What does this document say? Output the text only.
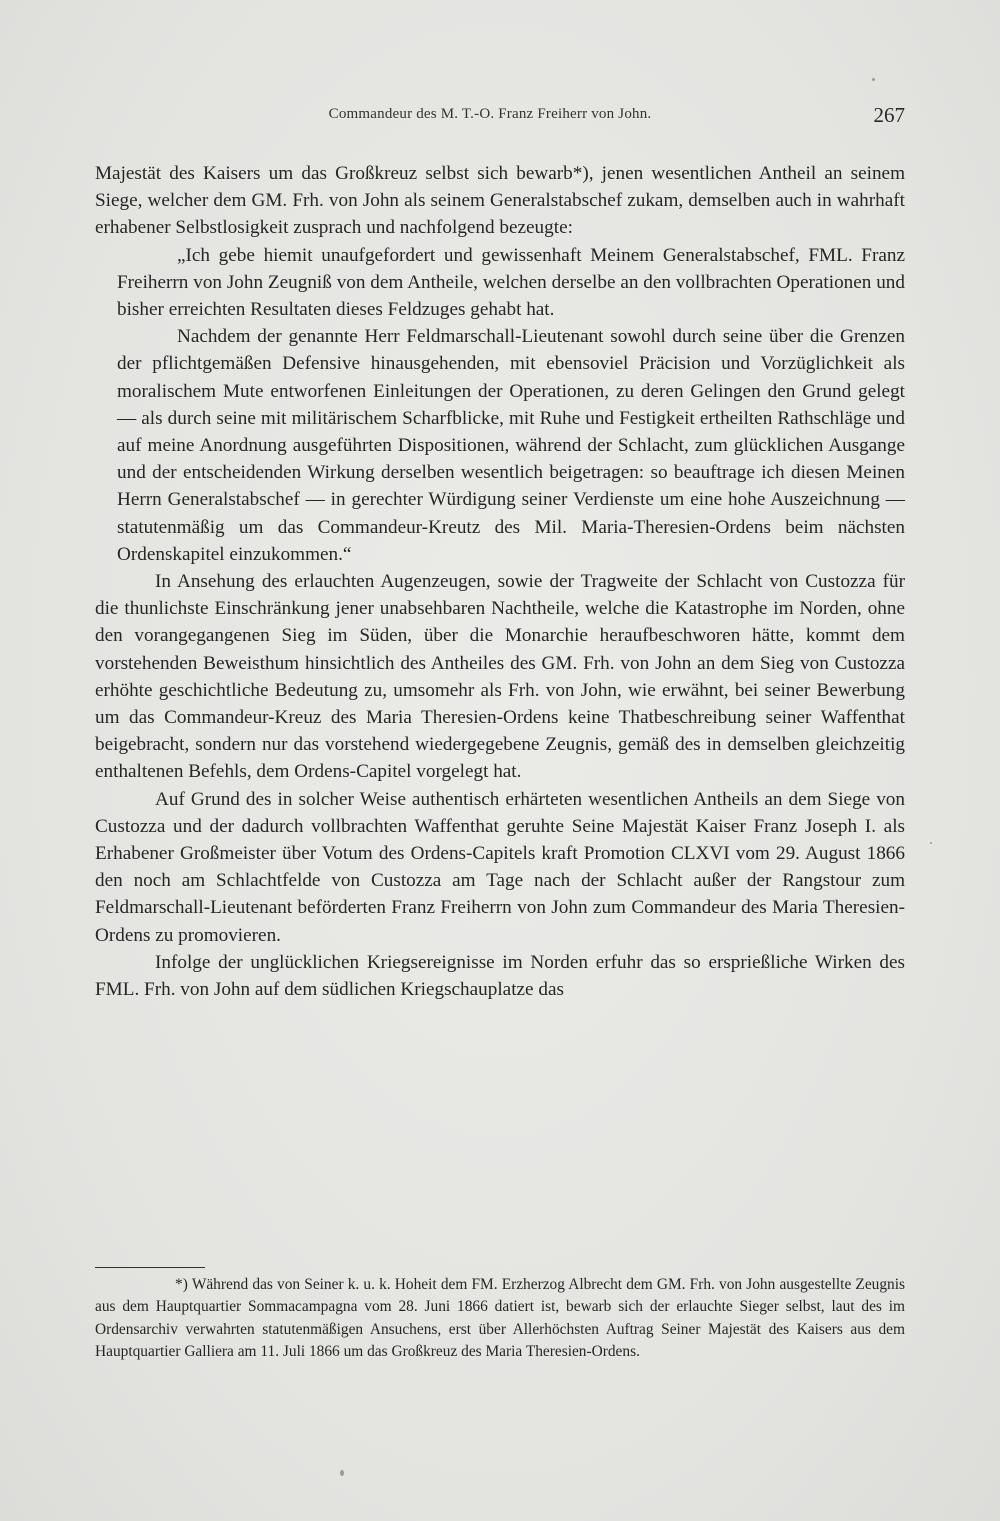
Commandeur des M. T.-O. Franz Freiherr von John.	267

Majestät des Kaisers um das Großkreuz selbst sich bewarb*), jenen wesentlichen Antheil an seinem Siege, welcher dem GM. Frh. von John als seinem Generalstabschef zukam, demselben auch in wahrhaft erhabener Selbstlosigkeit zusprach und nachfolgend bezeugte:

„Ich gebe hiemit unaufgefordert und gewissenhaft Meinem Generalstabschef, FML. Franz Freiherrn von John Zeugniß von dem Antheile, welchen derselbe an den vollbrachten Operationen und bisher erreichten Resultaten dieses Feldzuges gehabt hat.

Nachdem der genannte Herr Feldmarschall-Lieutenant sowohl durch seine über die Grenzen der pflichtgemäßen Defensive hinausgehenden, mit ebensoviel Präcision und Vorzüglichkeit als moralischem Mute entworfenen Einleitungen der Operationen, zu deren Gelingen den Grund gelegt — als durch seine mit militärischem Scharfblicke, mit Ruhe und Festigkeit ertheilten Rathschläge und auf meine Anordnung ausgeführten Dispositionen, während der Schlacht, zum glücklichen Ausgange und der entscheidenden Wirkung derselben wesentlich beigetragen: so beauftrage ich diesen Meinen Herrn Generalstabschef — in gerechter Würdigung seiner Verdienste um eine hohe Auszeichnung — statutenmäßig um das Commandeur-Kreutz des Mil. Maria-Theresien-Ordens beim nächsten Ordenskapitel einzukommen.“

In Ansehung des erlauchten Augenzeugen, sowie der Tragweite der Schlacht von Custozza für die thunlichste Einschränkung jener unabsehbaren Nachtheile, welche die Katastrophe im Norden, ohne den vorangegangenen Sieg im Süden, über die Monarchie heraufbeschworen hätte, kommt dem vorstehenden Beweisthum hinsichtlich des Antheiles des GM. Frh. von John an dem Sieg von Custozza erhöhte geschichtliche Bedeutung zu, umsomehr als Frh. von John, wie erwähnt, bei seiner Bewerbung um das Commandeur-Kreuz des Maria Theresien-Ordens keine Thatbeschreibung seiner Waffenthat beigebracht, sondern nur das vorstehend wiedergegebene Zeugnis, gemäß des in demselben gleichzeitig enthaltenen Befehls, dem Ordens-Capitel vorgelegt hat.

Auf Grund des in solcher Weise authentisch erhärteten wesentlichen Antheils an dem Siege von Custozza und der dadurch vollbrachten Waffenthat geruhte Seine Majestät Kaiser Franz Joseph I. als Erhabener Großmeister über Votum des Ordens-Capitels kraft Promotion CLXVI vom 29. August 1866 den noch am Schlachtfelde von Custozza am Tage nach der Schlacht außer der Rangstour zum Feldmarschall-Lieutenant beförderten Franz Freiherrn von John zum Commandeur des Maria Theresien-Ordens zu promovieren.

Infolge der unglücklichen Kriegsereignisse im Norden erfuhr das so ersprießliche Wirken des FML. Frh. von John auf dem südlichen Kriegschauplatze das

*) Während das von Seiner k. u. k. Hoheit dem FM. Erzherzog Albrecht dem GM. Frh. von John ausgestellte Zeugnis aus dem Hauptquartier Sommacampagna vom 28. Juni 1866 datiert ist, bewarb sich der erlauchte Sieger selbst, laut des im Ordensarchiv verwahrten statutenmäßigen Ansuchens, erst über Allerhöchsten Auftrag Seiner Majestät des Kaisers aus dem Hauptquartier Galliera am 11. Juli 1866 um das Großkreuz des Maria Theresien-Ordens.
